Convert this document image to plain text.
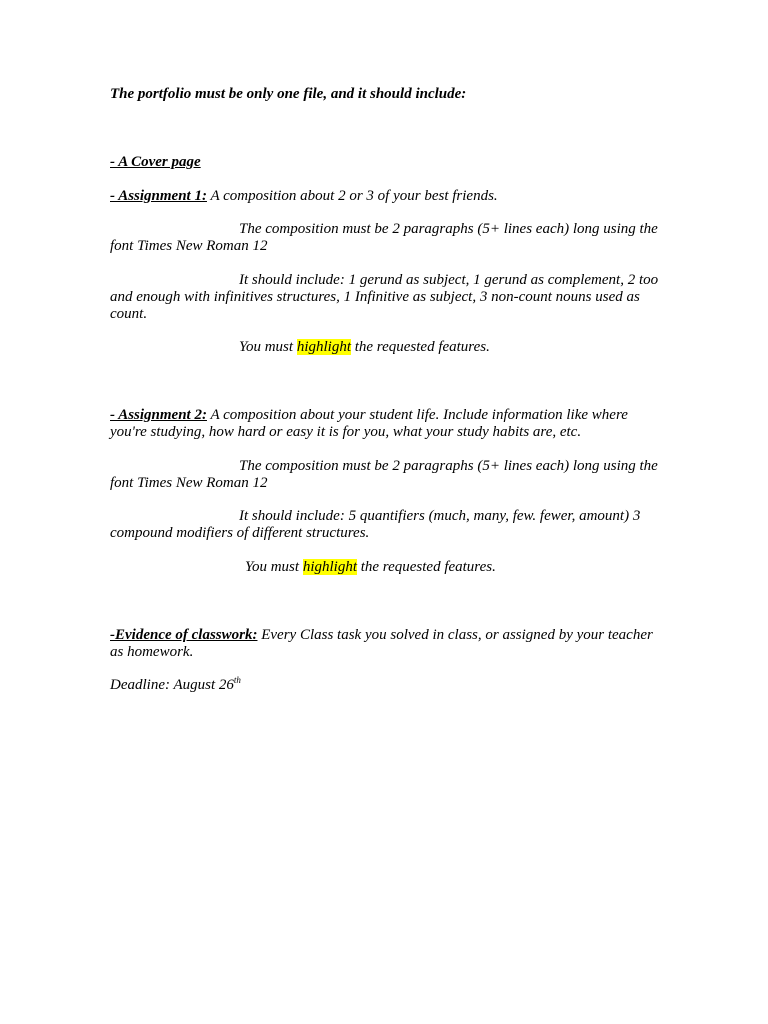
The portfolio must be only one file, and it should include:

- A Cover page

- Assignment 1: A composition about 2 or 3 of your best friends.

The composition must be 2 paragraphs (5+ lines each) long using the font Times New Roman 12

It should include: 1 gerund as subject, 1 gerund as complement, 2 too and enough with infinitives structures, 1 Infinitive as subject, 3 non-count nouns used as count.

You must highlight the requested features.

- Assignment 2: A composition about your student life. Include information like where you're studying, how hard or easy it is for you, what your study habits are, etc.

The composition must be 2 paragraphs (5+ lines each) long using the font Times New Roman 12

It should include: 5 quantifiers (much, many, few. fewer, amount) 3 compound modifiers of different structures.

You must highlight the requested features.

-Evidence of classwork: Every Class task you solved in class, or assigned by your teacher as homework.

Deadline: August 26th
